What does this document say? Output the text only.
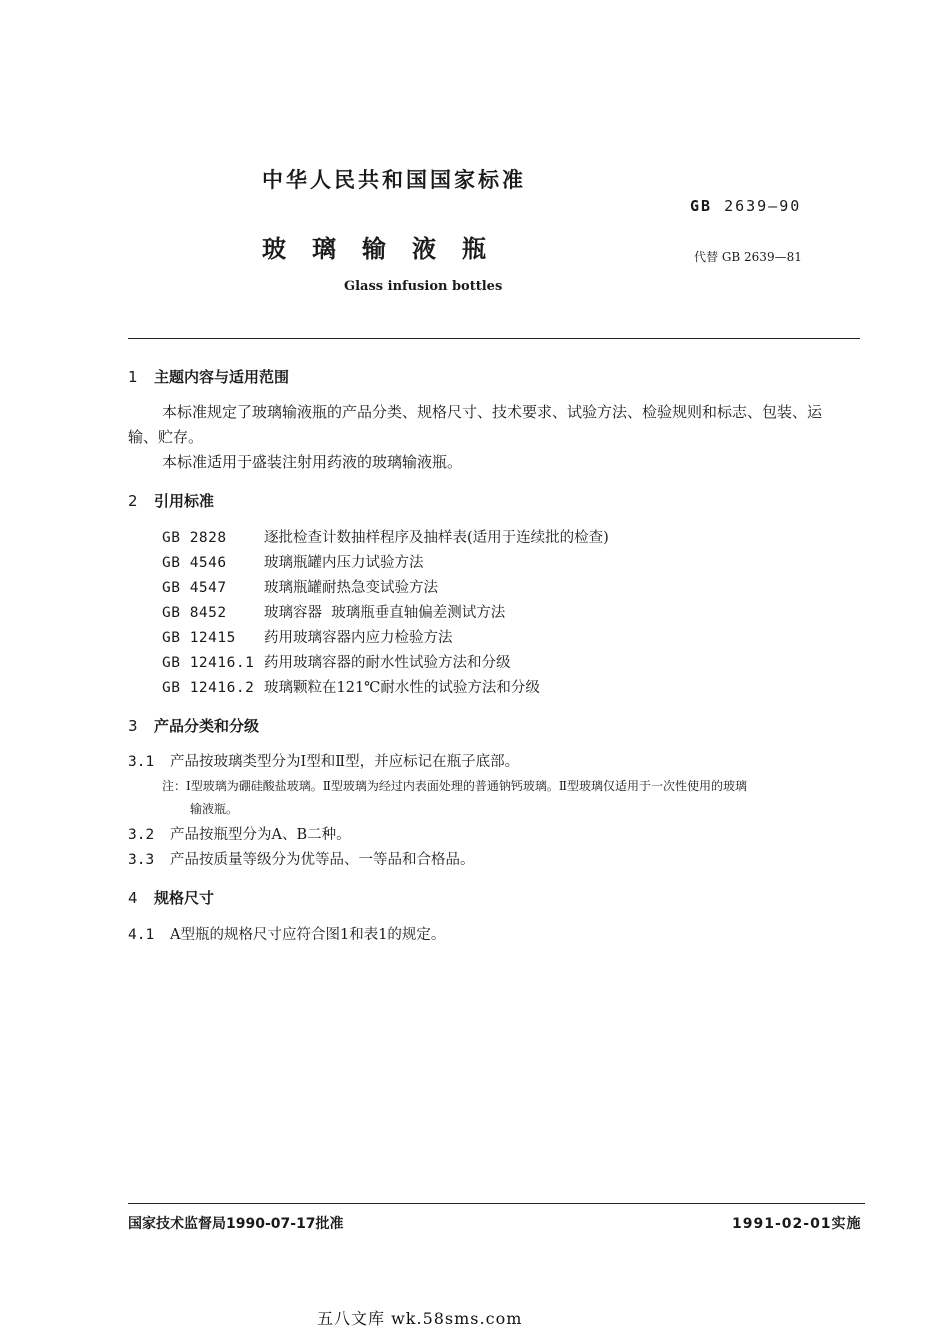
中华人民共和国国家标准
玻璃输液瓶
Glass infusion bottles
GB 2639—90
代替 GB 2639—81
1 主题内容与适用范围
本标准规定了玻璃输液瓶的产品分类、规格尺寸、技术要求、试验方法、检验规则和标志、包装、运
输、贮存。
本标准适用于盛装注射用药液的玻璃输液瓶。
2 引用标准
GB 2828	逐批检查计数抽样程序及抽样表(适用于连续批的检查)
GB 4546	玻璃瓶罐内压力试验方法
GB 4547	玻璃瓶罐耐热急变试验方法
GB 8452	玻璃容器  玻璃瓶垂直轴偏差测试方法
GB 12415 药用玻璃容器内应力检验方法
GB 12416.1 药用玻璃容器的耐水性试验方法和分级
GB 12416.2 玻璃颗粒在121℃耐水性的试验方法和分级
3 产品分类和分级
3.1 产品按玻璃类型分为Ⅰ型和Ⅱ型，并应标记在瓶子底部。
注：Ⅰ型玻璃为硼硅酸盐玻璃。Ⅱ型玻璃为经过内表面处理的普通钠钙玻璃。Ⅱ型玻璃仅适用于一次性使用的玻璃
输液瓶。
3.2 产品按瓶型分为A、B二种。
3.3 产品按质量等级分为优等品、一等品和合格品。
4 规格尺寸
4.1 A型瓶的规格尺寸应符合图1和表1的规定。
国家技术监督局1990-07-17批准	1991-02-01实施
五八文库 wk.58sms.com
